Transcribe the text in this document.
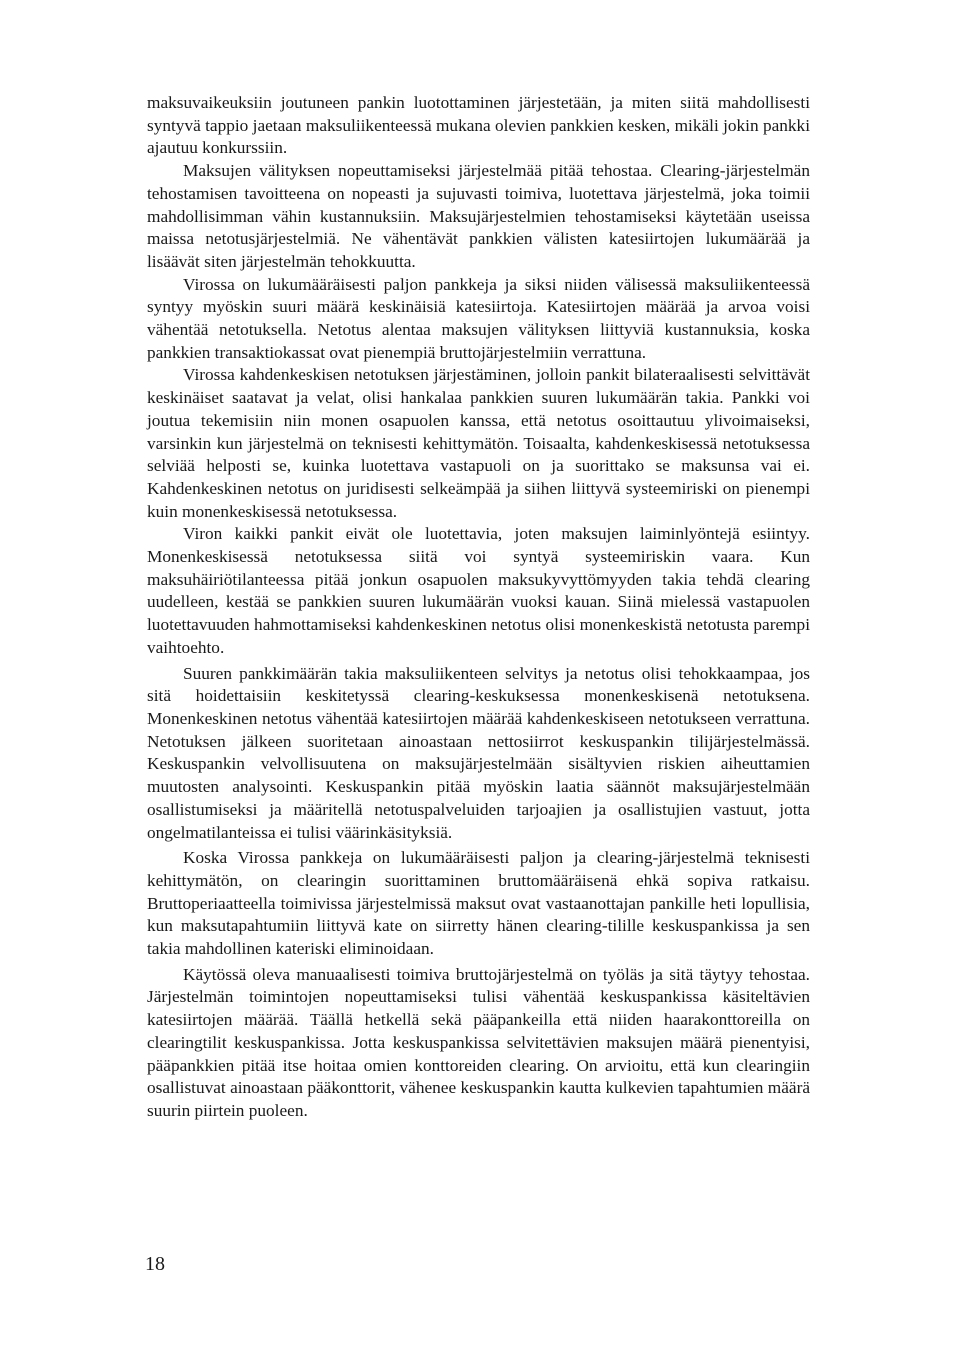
maksuvaikeuksiin joutuneen pankin luotottaminen järjestetään, ja miten siitä mahdollisesti syntyvä tappio jaetaan maksuliikenteessä mukana olevien pankkien kesken, mikäli jokin pankki ajautuu konkurssiin.

Maksujen välityksen nopeuttamiseksi järjestelmää pitää tehostaa. Clearing-järjestelmän tehostamisen tavoitteena on nopeasti ja sujuvasti toimiva, luotettava järjestelmä, joka toimii mahdollisimman vähin kustannuksiin. Maksujärjestelmien tehostamiseksi käytetään useissa maissa netotusjärjestelmiä. Ne vähentävät pankkien välisten katesiirtojen lukumäärää ja lisäävät siten järjestelmän tehokkuutta.

Virossa on lukumääräisesti paljon pankkeja ja siksi niiden välisessä maksuliikenteessä syntyy myöskin suuri määrä keskinäisiä katesiirtoja. Katesiirtojen määrää ja arvoa voisi vähentää netotuksella. Netotus alentaa maksujen välityksen liittyviä kustannuksia, koska pankkien transaktiokassat ovat pienempiä bruttojärjestelmiin verrattuna.

Virossa kahdenkeskisen netotuksen järjestäminen, jolloin pankit bilateraalisesti selvittävät keskinäiset saatavat ja velat, olisi hankalaa pankkien suuren lukumäärän takia. Pankki voi joutua tekemisiin niin monen osapuolen kanssa, että netotus osoittautuu ylivoimaiseksi, varsinkin kun järjestelmä on teknisesti kehittymätön. Toisaalta, kahdenkeskisessä netotuksessa selviää helposti se, kuinka luotettava vastapuoli on ja suorittako se maksunsa vai ei. Kahdenkeskinen netotus on juridisesti selkeämpää ja siihen liittyvä systeemiriski on pienempi kuin monenkeskisessä netotuksessa.

Viron kaikki pankit eivät ole luotettavia, joten maksujen laiminlyöntejä esiintyy. Monenkeskisessä netotuksessa siitä voi syntyä systeemiriskin vaara. Kun maksuhäiriötilanteessa pitää jonkun osapuolen maksukyvyttömyyden takia tehdä clearing uudelleen, kestää se pankkien suuren lukumäärän vuoksi kauan. Siinä mielessä vastapuolen luotettavuuden hahmottamiseksi kahdenkeskinen netotus olisi monenkeskistä netotusta parempi vaihtoehto.

Suuren pankkimäärän takia maksuliikenteen selvitys ja netotus olisi tehokkaampaa, jos sitä hoidettaisiin keskitetyssä clearing-keskuksessa monenkeskisenä netotuksena. Monenkeskinen netotus vähentää katesiirtojen määrää kahdenkeskiseen netotukseen verrattuna. Netotuksen jälkeen suoritetaan ainoastaan nettosiirrot keskuspankin tilijärjestelmässä. Keskuspankin velvollisuutena on maksujärjestelmään sisältyvien riskien aiheuttamien muutosten analysointi. Keskuspankin pitää myöskin laatia säännöt maksujärjestelmään osallistumiseksi ja määritellä netotuspalveluiden tarjoajien ja osallistujien vastuut, jotta ongelmatilanteissa ei tulisi väärinkäsityksiä.

Koska Virossa pankkeja on lukumääräisesti paljon ja clearing-järjestelmä teknisesti kehittymätön, on clearingin suorittaminen bruttomääräisenä ehkä sopiva ratkaisu. Bruttoperiaatteella toimivissa järjestelmissä maksut ovat vastaanottajan pankille heti lopullisia, kun maksutapahtumiin liittyvä kate on siirretty hänen clearing-tilille keskuspankissa ja sen takia mahdollinen kateriski eliminoidaan.

Käytössä oleva manuaalisesti toimiva bruttojärjestelmä on työläs ja sitä täytyy tehostaa. Järjestelmän toimintojen nopeuttamiseksi tulisi vähentää keskuspankissa käsiteltävien katesiirtojen määrää. Täällä hetkellä sekä pääpankeilla että niiden haarakonttoreilla on clearingtilit keskuspankissa. Jotta keskuspankissa selvitettävien maksujen määrä pienentyisi, pääpankkien pitää itse hoitaa omien konttoreiden clearing. On arvioitu, että kun clearingiin osallistuvat ainoastaan pääkonttorit, vähenee keskuspankin kautta kulkevien tapahtumien määrä suurin piirtein puoleen.

18
